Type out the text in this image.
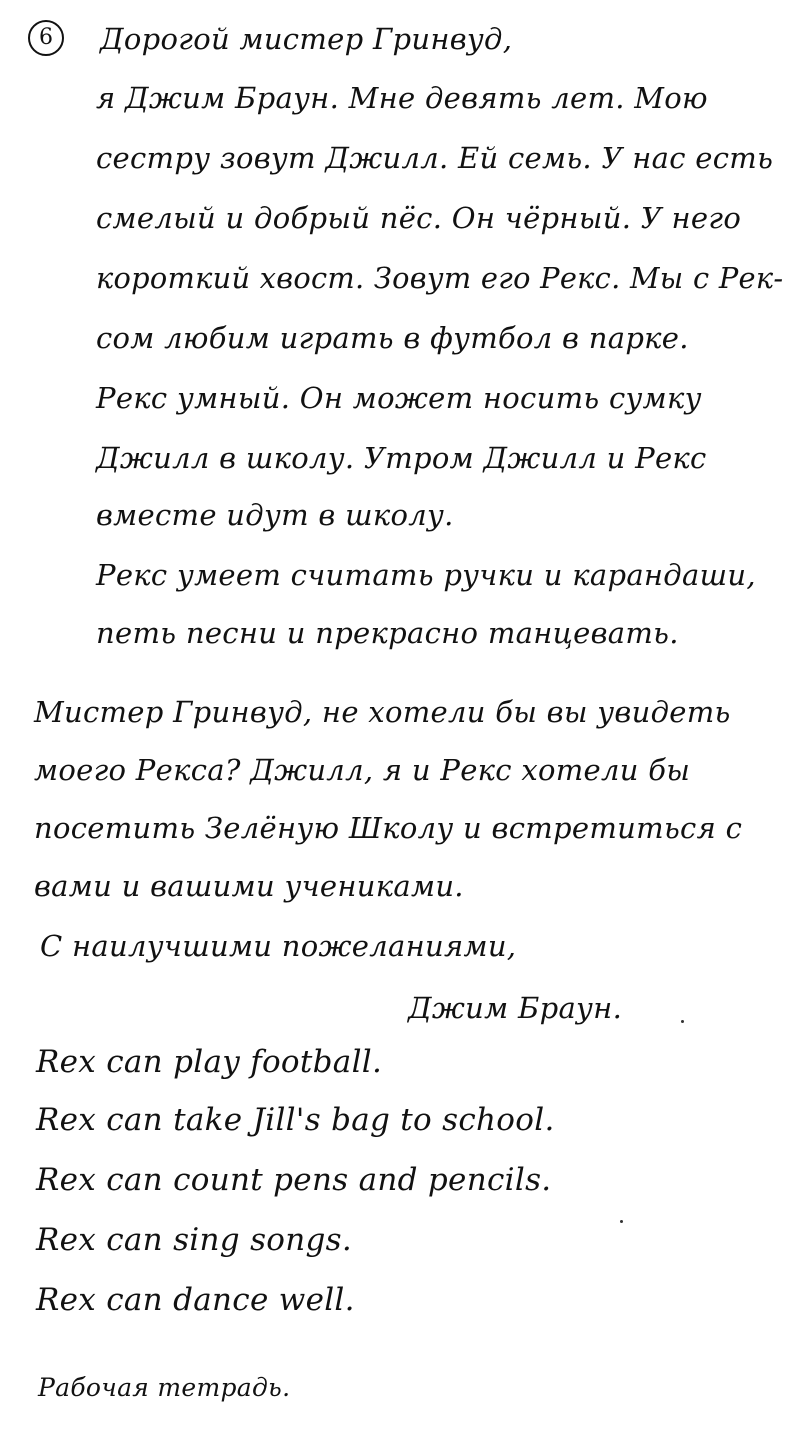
6	Дорогой мистер Гринвуд,
я Джим Браун. Мне девять лет. Мою
сестру зовут Джилл. Ей семь. У нас есть
смелый и добрый пёс. Он чёрный. У него
короткий хвост. Зовут его Рекс. Мы с Рек-
сом любим играть в футбол в парке.
Рекс умный. Он может носить сумку
Джилл в школу. Утром Джилл и Рекс
вместе идут в школу.
Рекс умеет считать ручки и карандаши,
петь песни и прекрасно танцевать.
Мистер Гринвуд, не хотели бы вы увидеть
моего Рекса? Джилл, я и Рекс хотели бы
посетить Зелёную Школу и встретиться с
вами и вашими учениками.
С наилучшими пожеланиями,
Джим Браун.
Rex can play football.
Rex can take Jill's bag to school.
Rex can count pens and pencils.
Rex can sing songs.
Rex can dance well.
Рабочая тетрадь.
